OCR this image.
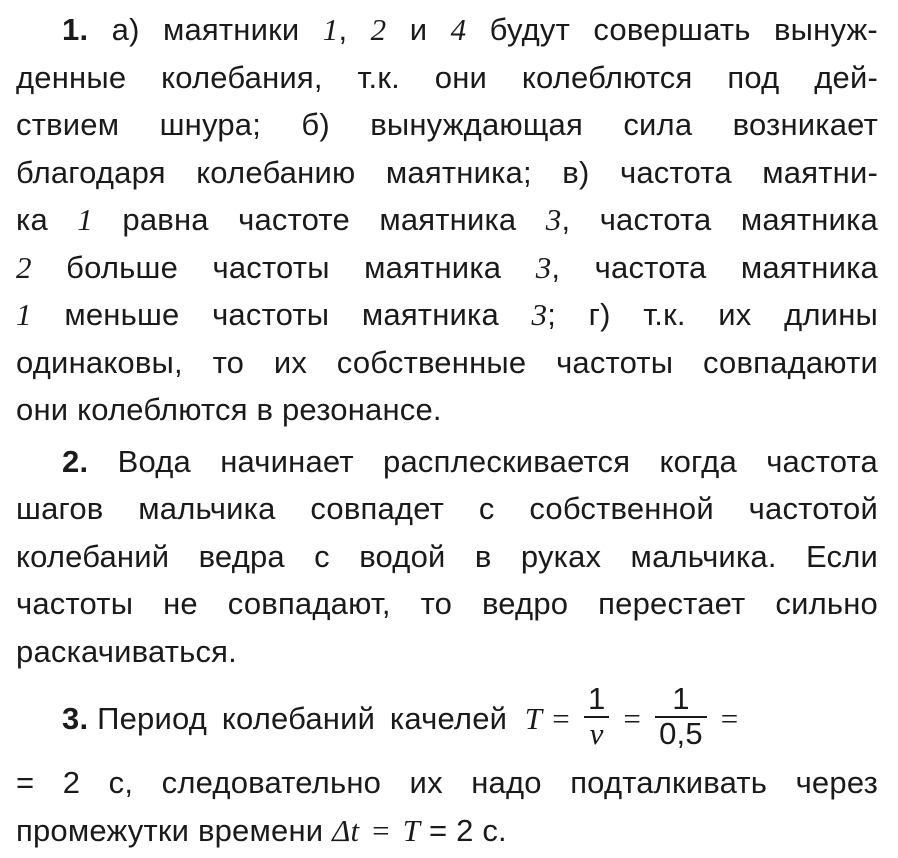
1. а) маятники 1, 2 и 4 будут совершать вынуж-
денные колебания, т.к. они колеблются под дей-
ствием шнура; б) вынуждающая сила возникает
благодаря колебанию маятника; в) частота маятни-
ка 1 равна частоте маятника 3, частота маятника
2 больше частоты маятника 3, частота маятника
1 меньше частоты маятника 3; г) т.к. их длины
одинаковы, то их собственные частоты совпадаюти
они колеблются в резонансе.
2. Вода начинает расплескивается когда частота
шагов мальчика совпадет с собственной частотой
колебаний ведра с водой в руках мальчика. Если
частоты не совпадают, то ведро перестает сильно
раскачиваться.
3.
Период колебаний качелей
$T = \frac{1}{\nu} = \frac{1}{0,5}$ =
= 2 с, следовательно их надо подталкивать через
промежутки времени Δt = T = 2 с.
